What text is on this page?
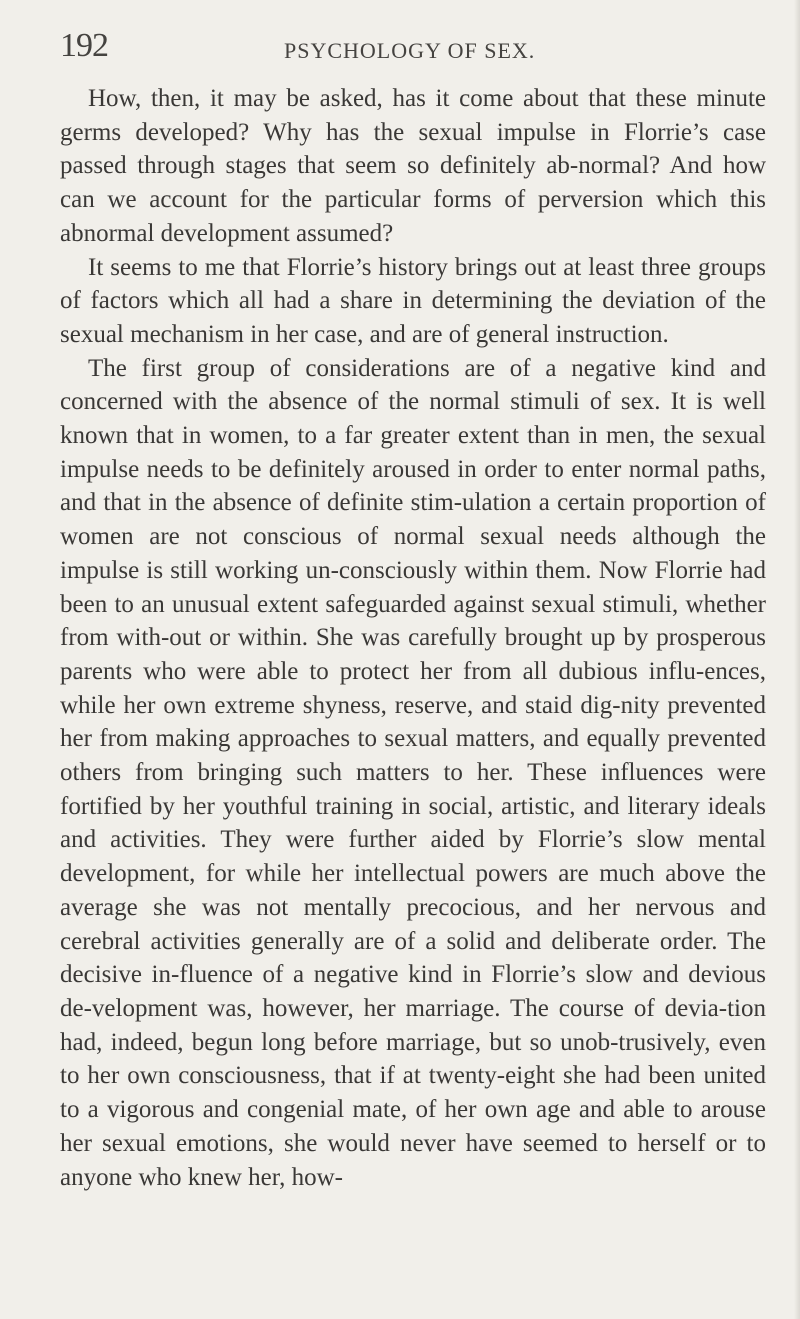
192	PSYCHOLOGY OF SEX.

How, then, it may be asked, has it come about that these minute germs developed? Why has the sexual impulse in Florrie’s case passed through stages that seem so definitely ab-normal? And how can we account for the particular forms of perversion which this abnormal development assumed?

It seems to me that Florrie’s history brings out at least three groups of factors which all had a share in determining the deviation of the sexual mechanism in her case, and are of general instruction.

The first group of considerations are of a negative kind and concerned with the absence of the normal stimuli of sex. It is well known that in women, to a far greater extent than in men, the sexual impulse needs to be definitely aroused in order to enter normal paths, and that in the absence of definite stim-ulation a certain proportion of women are not conscious of normal sexual needs although the impulse is still working un-consciously within them. Now Florrie had been to an unusual extent safeguarded against sexual stimuli, whether from with-out or within. She was carefully brought up by prosperous parents who were able to protect her from all dubious influ-ences, while her own extreme shyness, reserve, and staid dig-nity prevented her from making approaches to sexual matters, and equally prevented others from bringing such matters to her. These influences were fortified by her youthful training in social, artistic, and literary ideals and activities. They were further aided by Florrie’s slow mental development, for while her intellectual powers are much above the average she was not mentally precocious, and her nervous and cerebral activities generally are of a solid and deliberate order. The decisive in-fluence of a negative kind in Florrie’s slow and devious de-velopment was, however, her marriage. The course of devia-tion had, indeed, begun long before marriage, but so unob-trusively, even to her own consciousness, that if at twenty-eight she had been united to a vigorous and congenial mate, of her own age and able to arouse her sexual emotions, she would never have seemed to herself or to anyone who knew her, how-
